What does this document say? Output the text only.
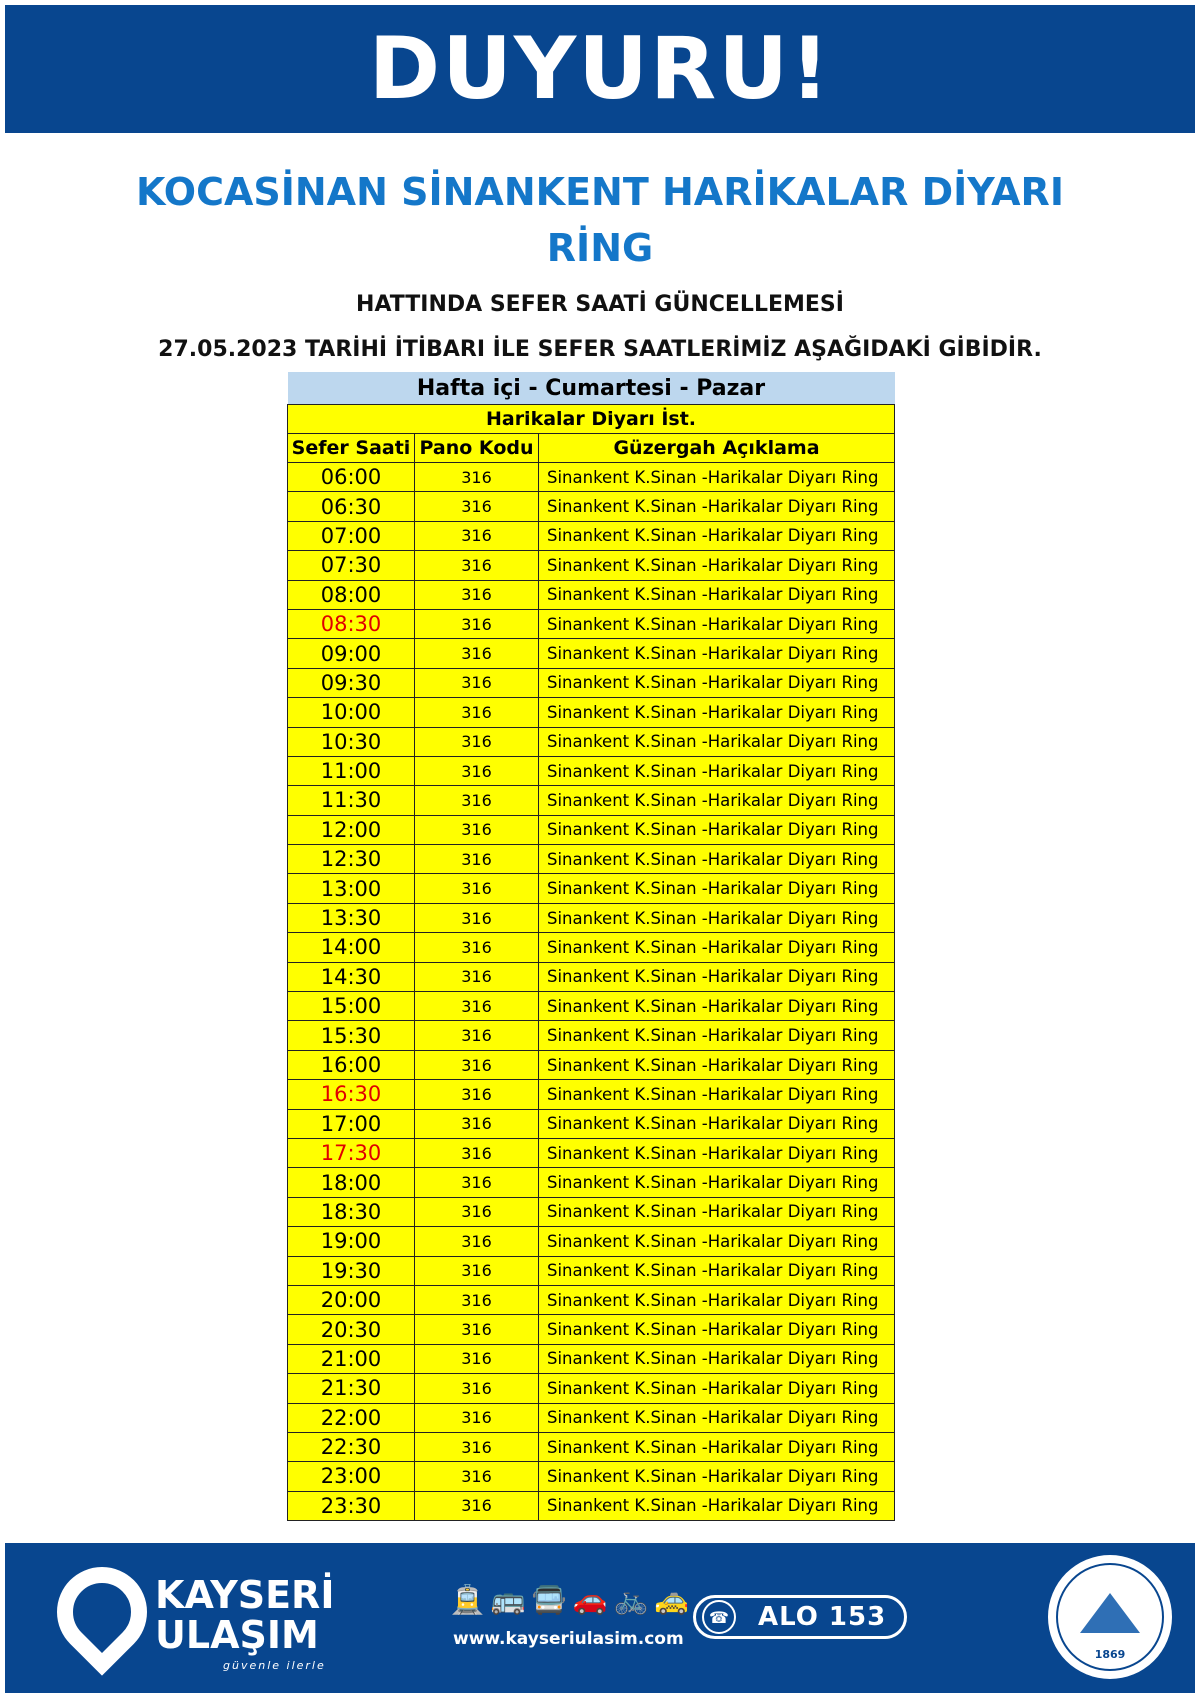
DUYURU!
KOCASİNAN SİNANKENT HARİKALAR DİYARI
RİNG
HATTINDA SEFER SAATİ GÜNCELLEMESİ
27.05.2023 TARİHİ İTİBARI İLE SEFER SAATLERİMİZ AŞAĞIDAKİ GİBİDİR.
Hafta içi - Cumartesi - Pazar		
Harikalar Diyarı İst.		
Sefer Saati	Pano Kodu	Güzergah Açıklama
06:00	316	Sinankent K.Sinan -Harikalar Diyarı Ring
06:30	316	Sinankent K.Sinan -Harikalar Diyarı Ring
07:00	316	Sinankent K.Sinan -Harikalar Diyarı Ring
07:30	316	Sinankent K.Sinan -Harikalar Diyarı Ring
08:00	316	Sinankent K.Sinan -Harikalar Diyarı Ring
08:30	316	Sinankent K.Sinan -Harikalar Diyarı Ring
09:00	316	Sinankent K.Sinan -Harikalar Diyarı Ring
09:30	316	Sinankent K.Sinan -Harikalar Diyarı Ring
10:00	316	Sinankent K.Sinan -Harikalar Diyarı Ring
10:30	316	Sinankent K.Sinan -Harikalar Diyarı Ring
11:00	316	Sinankent K.Sinan -Harikalar Diyarı Ring
11:30	316	Sinankent K.Sinan -Harikalar Diyarı Ring
12:00	316	Sinankent K.Sinan -Harikalar Diyarı Ring
12:30	316	Sinankent K.Sinan -Harikalar Diyarı Ring
13:00	316	Sinankent K.Sinan -Harikalar Diyarı Ring
13:30	316	Sinankent K.Sinan -Harikalar Diyarı Ring
14:00	316	Sinankent K.Sinan -Harikalar Diyarı Ring
14:30	316	Sinankent K.Sinan -Harikalar Diyarı Ring
15:00	316	Sinankent K.Sinan -Harikalar Diyarı Ring
15:30	316	Sinankent K.Sinan -Harikalar Diyarı Ring
16:00	316	Sinankent K.Sinan -Harikalar Diyarı Ring
16:30	316	Sinankent K.Sinan -Harikalar Diyarı Ring
17:00	316	Sinankent K.Sinan -Harikalar Diyarı Ring
17:30	316	Sinankent K.Sinan -Harikalar Diyarı Ring
18:00	316	Sinankent K.Sinan -Harikalar Diyarı Ring
18:30	316	Sinankent K.Sinan -Harikalar Diyarı Ring
19:00	316	Sinankent K.Sinan -Harikalar Diyarı Ring
19:30	316	Sinankent K.Sinan -Harikalar Diyarı Ring
20:00	316	Sinankent K.Sinan -Harikalar Diyarı Ring
20:30	316	Sinankent K.Sinan -Harikalar Diyarı Ring
21:00	316	Sinankent K.Sinan -Harikalar Diyarı Ring
21:30	316	Sinankent K.Sinan -Harikalar Diyarı Ring
22:00	316	Sinankent K.Sinan -Harikalar Diyarı Ring
22:30	316	Sinankent K.Sinan -Harikalar Diyarı Ring
23:00	316	Sinankent K.Sinan -Harikalar Diyarı Ring
23:30	316	Sinankent K.Sinan -Harikalar Diyarı Ring
KAYSERİ
ULAŞIM
güvenle ilerle
🚊🚌🚍🚗🚲🚕
www.kayseriulasim.com
☎ ALO 153
1869
